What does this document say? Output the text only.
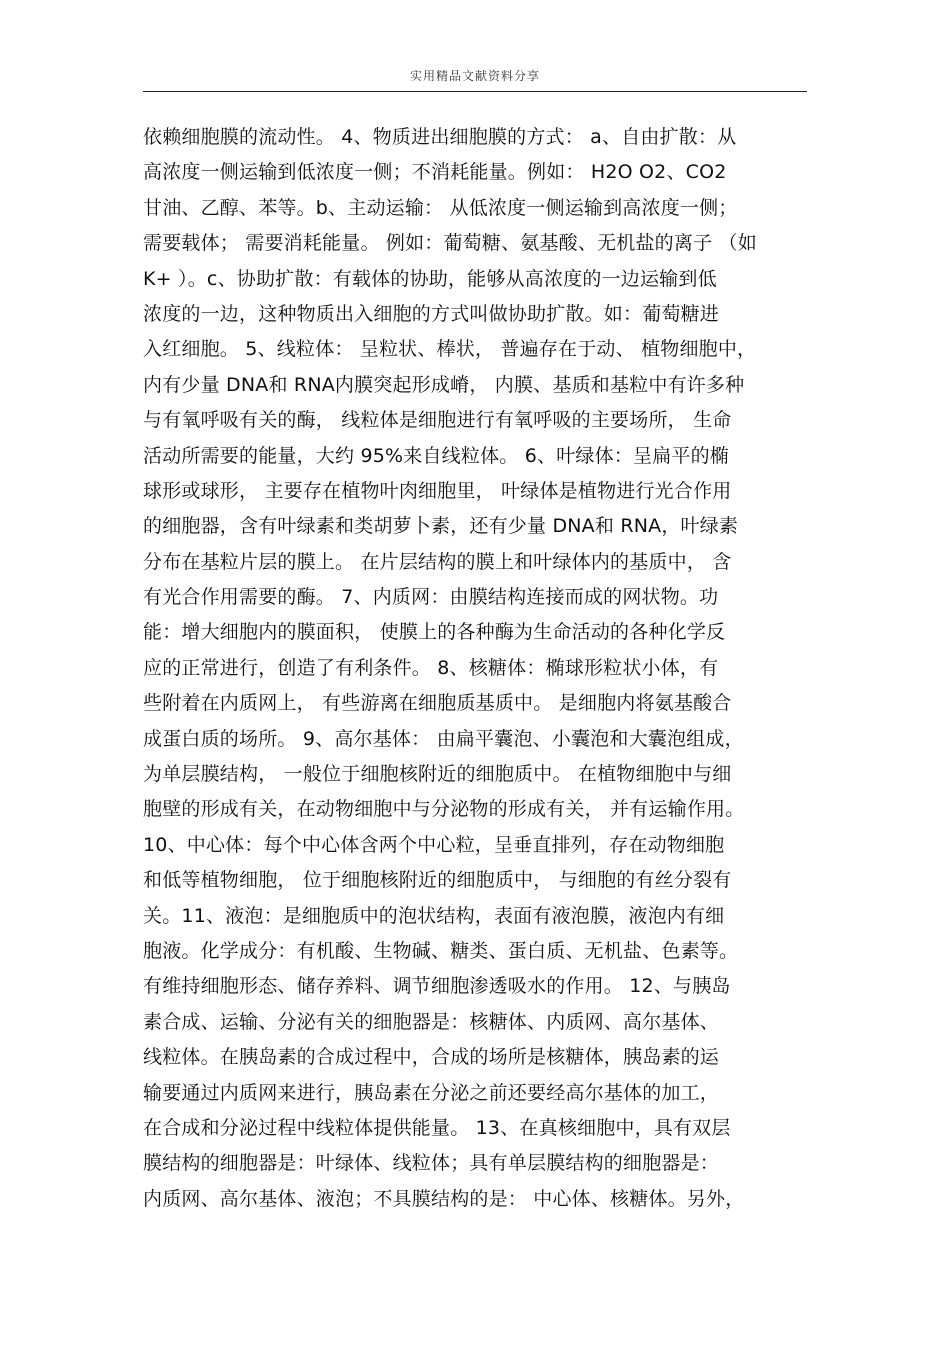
实用精品文献资料分享
依赖细胞膜的流动性。 4、物质进出细胞膜的方式： a、自由扩散：从
高浓度一侧运输到低浓度一侧；不消耗能量。例如： H2O O2、CO2
甘油、乙醇、苯等。b、主动运输： 从低浓度一侧运输到高浓度一侧；
需要载体； 需要消耗能量。 例如：葡萄糖、氨基酸、无机盐的离子 （如
K+ ）。c、协助扩散：有载体的协助，能够从高浓度的一边运输到低
浓度的一边，这种物质出入细胞的方式叫做协助扩散。如：葡萄糖进
入红细胞。 5、线粒体： 呈粒状、棒状， 普遍存在于动、 植物细胞中，
内有少量 DNA和 RNA内膜突起形成嵴， 内膜、基质和基粒中有许多种
与有氧呼吸有关的酶， 线粒体是细胞进行有氧呼吸的主要场所， 生命
活动所需要的能量，大约 95%来自线粒体。 6、叶绿体：呈扁平的椭
球形或球形， 主要存在植物叶肉细胞里， 叶绿体是植物进行光合作用
的细胞器，含有叶绿素和类胡萝卜素，还有少量 DNA和 RNA，叶绿素
分布在基粒片层的膜上。 在片层结构的膜上和叶绿体内的基质中， 含
有光合作用需要的酶。 7、内质网：由膜结构连接而成的网状物。功
能：增大细胞内的膜面积， 使膜上的各种酶为生命活动的各种化学反
应的正常进行，创造了有利条件。 8、核糖体：椭球形粒状小体，有
些附着在内质网上， 有些游离在细胞质基质中。 是细胞内将氨基酸合
成蛋白质的场所。 9、高尔基体： 由扁平囊泡、小囊泡和大囊泡组成，
为单层膜结构， 一般位于细胞核附近的细胞质中。 在植物细胞中与细
胞壁的形成有关，在动物细胞中与分泌物的形成有关， 并有运输作用。
10、中心体：每个中心体含两个中心粒，呈垂直排列，存在动物细胞
和低等植物细胞， 位于细胞核附近的细胞质中， 与细胞的有丝分裂有
关。11、液泡：是细胞质中的泡状结构，表面有液泡膜，液泡内有细
胞液。化学成分：有机酸、生物碱、糖类、蛋白质、无机盐、色素等。
有维持细胞形态、储存养料、调节细胞渗透吸水的作用。 12、与胰岛
素合成、运输、分泌有关的细胞器是：核糖体、内质网、高尔基体、
线粒体。在胰岛素的合成过程中，合成的场所是核糖体，胰岛素的运
输要通过内质网来进行，胰岛素在分泌之前还要经高尔基体的加工，
在合成和分泌过程中线粒体提供能量。 13、在真核细胞中，具有双层
膜结构的细胞器是：叶绿体、线粒体；具有单层膜结构的细胞器是：
内质网、高尔基体、液泡；不具膜结构的是： 中心体、核糖体。另外，
